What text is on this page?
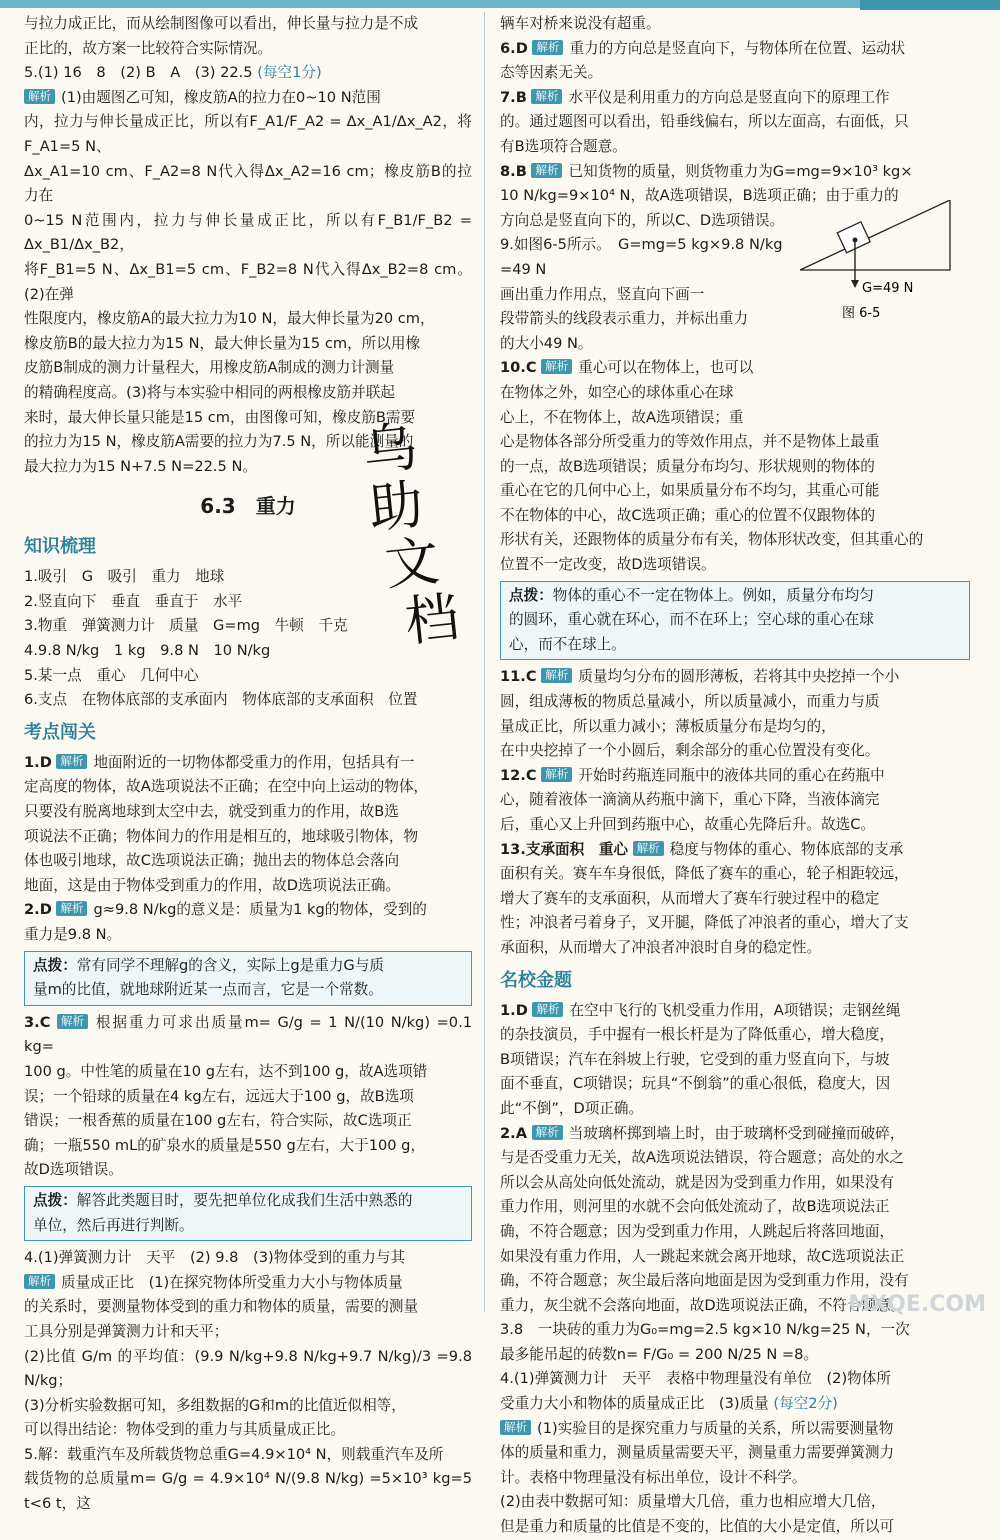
与拉力成正比，而从绘制图像可以看出，伸长量与拉力是不成

正比的，故方案一比较符合实际情况。

5.(1) 16　8　(2) B　A　(3) 22.5 (每空1分)

解析 (1)由题图乙可知，橡皮筋A的拉力在0~10 N范围

内，拉力与伸长量成正比，所以有F_A1/F_A2 = Δx_A1/Δx_A2，将F_A1=5 N、

Δx_A1=10 cm、F_A2=8 N代入得Δx_A2=16 cm；橡皮筋B的拉力在

0~15 N范围内，拉力与伸长量成正比，所以有F_B1/F_B2 = Δx_B1/Δx_B2，

将F_B1=5 N、Δx_B1=5 cm、F_B2=8 N代入得Δx_B2=8 cm。(2)在弹

性限度内，橡皮筋A的最大拉力为10 N，最大伸长量为20 cm，

橡皮筋B的最大拉力为15 N，最大伸长量为15 cm，所以用橡

皮筋B制成的测力计量程大，用橡皮筋A制成的测力计测量

的精确程度高。(3)将与本实验中相同的两根橡皮筋并联起

来时，最大伸长量只能是15 cm，由图像可知，橡皮筋B需要

的拉力为15 N，橡皮筋A需要的拉力为7.5 N，所以能测量的

最大拉力为15 N+7.5 N=22.5 N。

6.3　重力
知识梳理

1.吸引　G　吸引　重力　地球

2.竖直向下　垂直　垂直于　水平

3.物重　弹簧测力计　质量　G=mg　牛顿　千克

4.9.8 N/kg　1 kg　9.8 N　10 N/kg

5.某一点　重心　几何中心

6.支点　在物体底部的支承面内　物体底部的支承面积　位置

考点闯关

1.D 解析 地面附近的一切物体都受重力的作用，包括具有一

定高度的物体，故A选项说法不正确；在空中向上运动的物体，

只要没有脱离地球到太空中去，就受到重力的作用，故B选

项说法不正确；物体间力的作用是相互的，地球吸引物体，物

体也吸引地球，故C选项说法正确；抛出去的物体总会落向

地面，这是由于物体受到重力的作用，故D选项说法正确。

2.D 解析 g≈9.8 N/kg的意义是：质量为1 kg的物体，受到的

重力是9.8 N。

点拨：常有同学不理解g的含义，实际上g是重力G与质

量m的比值，就地球附近某一点而言，它是一个常数。

3.C 解析 根据重力可求出质量m= G/g = 1 N/(10 N/kg) =0.1 kg=

100 g。中性笔的质量在10 g左右，达不到100 g，故A选项错

误；一个铅球的质量在4 kg左右，远远大于100 g，故B选项

错误；一根香蕉的质量在100 g左右，符合实际，故C选项正

确；一瓶550 mL的矿泉水的质量是550 g左右，大于100 g，

故D选项错误。

点拨：解答此类题目时，要先把单位化成我们生活中熟悉的

单位，然后再进行判断。

4.(1)弹簧测力计　天平　(2) 9.8　(3)物体受到的重力与其

解析 质量成正比　(1)在探究物体所受重力大小与物体质量

的关系时，要测量物体受到的重力和物体的质量，需要的测量

工具分别是弹簧测力计和天平；

(2)比值 G/m 的平均值：(9.9 N/kg+9.8 N/kg+9.7 N/kg)/3 =9.8 N/kg；

(3)分析实验数据可知，多组数据的G和m的比值近似相等，

可以得出结论：物体受到的重力与其质量成正比。

5.解：载重汽车及所载货物总重G=4.9×10⁴ N，则载重汽车及所

载货物的总质量m= G/g = 4.9×10⁴ N/(9.8 N/kg) =5×10³ kg=5 t<6 t，这

乌
助
文
档

辆车对桥来说没有超重。

6.D 解析 重力的方向总是竖直向下，与物体所在位置、运动状

态等因素无关。

7.B 解析 水平仪是利用重力的方向总是竖直向下的原理工作

的。通过题图可以看出，铅垂线偏右，所以左面高，右面低，只

有B选项符合题意。

8.B 解析 已知货物的质量，则货物重力为G=mg=9×10³ kg×

10 N/kg=9×10⁴ N，故A选项错误，B选项正确；由于重力的

方向总是竖直向下的，所以C、D选项错误。

9.如图6-5所示。　G=mg=5 kg×9.8 N/kg

=49 N

画出重力作用点，竖直向下画一

段带箭头的线段表示重力，并标出重力

的大小49 N。

10.C 解析 重心可以在物体上，也可以

在物体之外，如空心的球体重心在球

心上，不在物体上，故A选项错误；重

心是物体各部分所受重力的等效作用点，并不是物体上最重

的一点，故B选项错误；质量分布均匀、形状规则的物体的

重心在它的几何中心上，如果质量分布不均匀，其重心可能

不在物体的中心，故C选项正确；重心的位置不仅跟物体的

形状有关，还跟物体的质量分布有关，物体形状改变，但其重心的

位置不一定改变，故D选项错误。

点拨：物体的重心不一定在物体上。例如，质量分布均匀

的圆环，重心就在环心，而不在环上；空心球的重心在球

心，而不在球上。

11.C 解析 质量均匀分布的圆形薄板，若将其中央挖掉一个小

圆，组成薄板的物质总量减小，所以质量减小，而重力与质

量成正比，所以重力减小；薄板质量分布是均匀的，

在中央挖掉了一个小圆后，剩余部分的重心位置没有变化。

12.C 解析 开始时药瓶连同瓶中的液体共同的重心在药瓶中

心，随着液体一滴滴从药瓶中滴下，重心下降，当液体滴完

后，重心又上升回到药瓶中心，故重心先降后升。故选C。

13.支承面积　重心 解析 稳度与物体的重心、物体底部的支承

面积有关。赛车车身很低，降低了赛车的重心，轮子相距较远，

增大了赛车的支承面积，从而增大了赛车行驶过程中的稳定

性；冲浪者弓着身子，叉开腿，降低了冲浪者的重心，增大了支

承面积，从而增大了冲浪者冲浪时自身的稳定性。

名校金题

1.D 解析 在空中飞行的飞机受重力作用，A项错误；走钢丝绳

的杂技演员，手中握有一根长杆是为了降低重心，增大稳度，

B项错误；汽车在斜坡上行驶，它受到的重力竖直向下，与坡

面不垂直，C项错误；玩具“不倒翁”的重心很低，稳度大，因

此“不倒”，D项正确。

2.A 解析 当玻璃杯掷到墙上时，由于玻璃杯受到碰撞而破碎，

与是否受重力无关，故A选项说法错误，符合题意；高处的水之

所以会从高处向低处流动，就是因为受到重力作用，如果没有

重力作用，则河里的水就不会向低处流动了，故B选项说法正

确，不符合题意；因为受到重力作用，人跳起后将落回地面，

如果没有重力作用，人一跳起来就会离开地球，故C选项说法正

确，不符合题意；灰尘最后落向地面是因为受到重力作用，没有

重力，灰尘就不会落向地面，故D选项说法正确，不符合题意。

3.8　一块砖的重力为G₀=mg=2.5 kg×10 N/kg=25 N，一次

最多能吊起的砖数n= F/G₀ = 200 N/25 N =8。

4.(1)弹簧测力计　天平　表格中物理量没有单位　(2)物体所

受重力大小和物体的质量成正比　(3)质量 (每空2分)

解析 (1)实验目的是探究重力与质量的关系，所以需要测量物

体的质量和重力，测量质量需要天平，测量重力需要弹簧测力

计。表格中物理量没有标出单位，设计不科学。

(2)由表中数据可知：质量增大几倍，重力也相应增大几倍，

但是重力和质量的比值是不变的，比值的大小是定值，所以可

G=49 N
图 6-5
MXQE.COM
